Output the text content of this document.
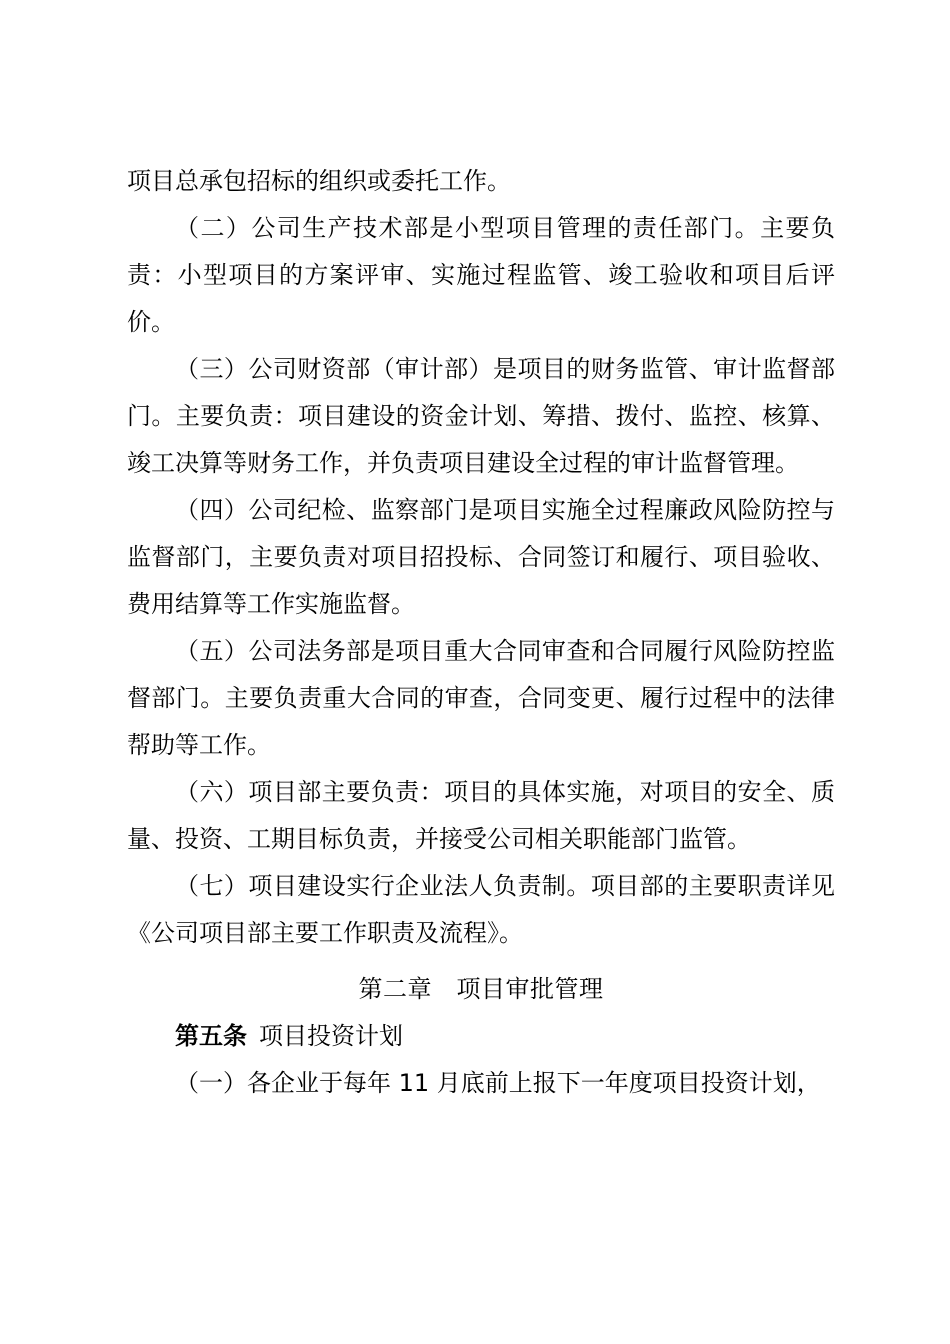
项目总承包招标的组织或委托工作。

（二）公司生产技术部是小型项目管理的责任部门。主要负责：小型项目的方案评审、实施过程监管、竣工验收和项目后评价。

（三）公司财资部（审计部）是项目的财务监管、审计监督部门。主要负责：项目建设的资金计划、筹措、拨付、监控、核算、竣工决算等财务工作，并负责项目建设全过程的审计监督管理。

（四）公司纪检、监察部门是项目实施全过程廉政风险防控与监督部门，主要负责对项目招投标、合同签订和履行、项目验收、费用结算等工作实施监督。

（五）公司法务部是项目重大合同审查和合同履行风险防控监督部门。主要负责重大合同的审查，合同变更、履行过程中的法律帮助等工作。

（六）项目部主要负责：项目的具体实施，对项目的安全、质量、投资、工期目标负责，并接受公司相关职能部门监管。

（七）项目建设实行企业法人负责制。项目部的主要职责详见《公司项目部主要工作职责及流程》。

第二章　项目审批管理

第五条 项目投资计划

（一）各企业于每年 11 月底前上报下一年度项目投资计划，
